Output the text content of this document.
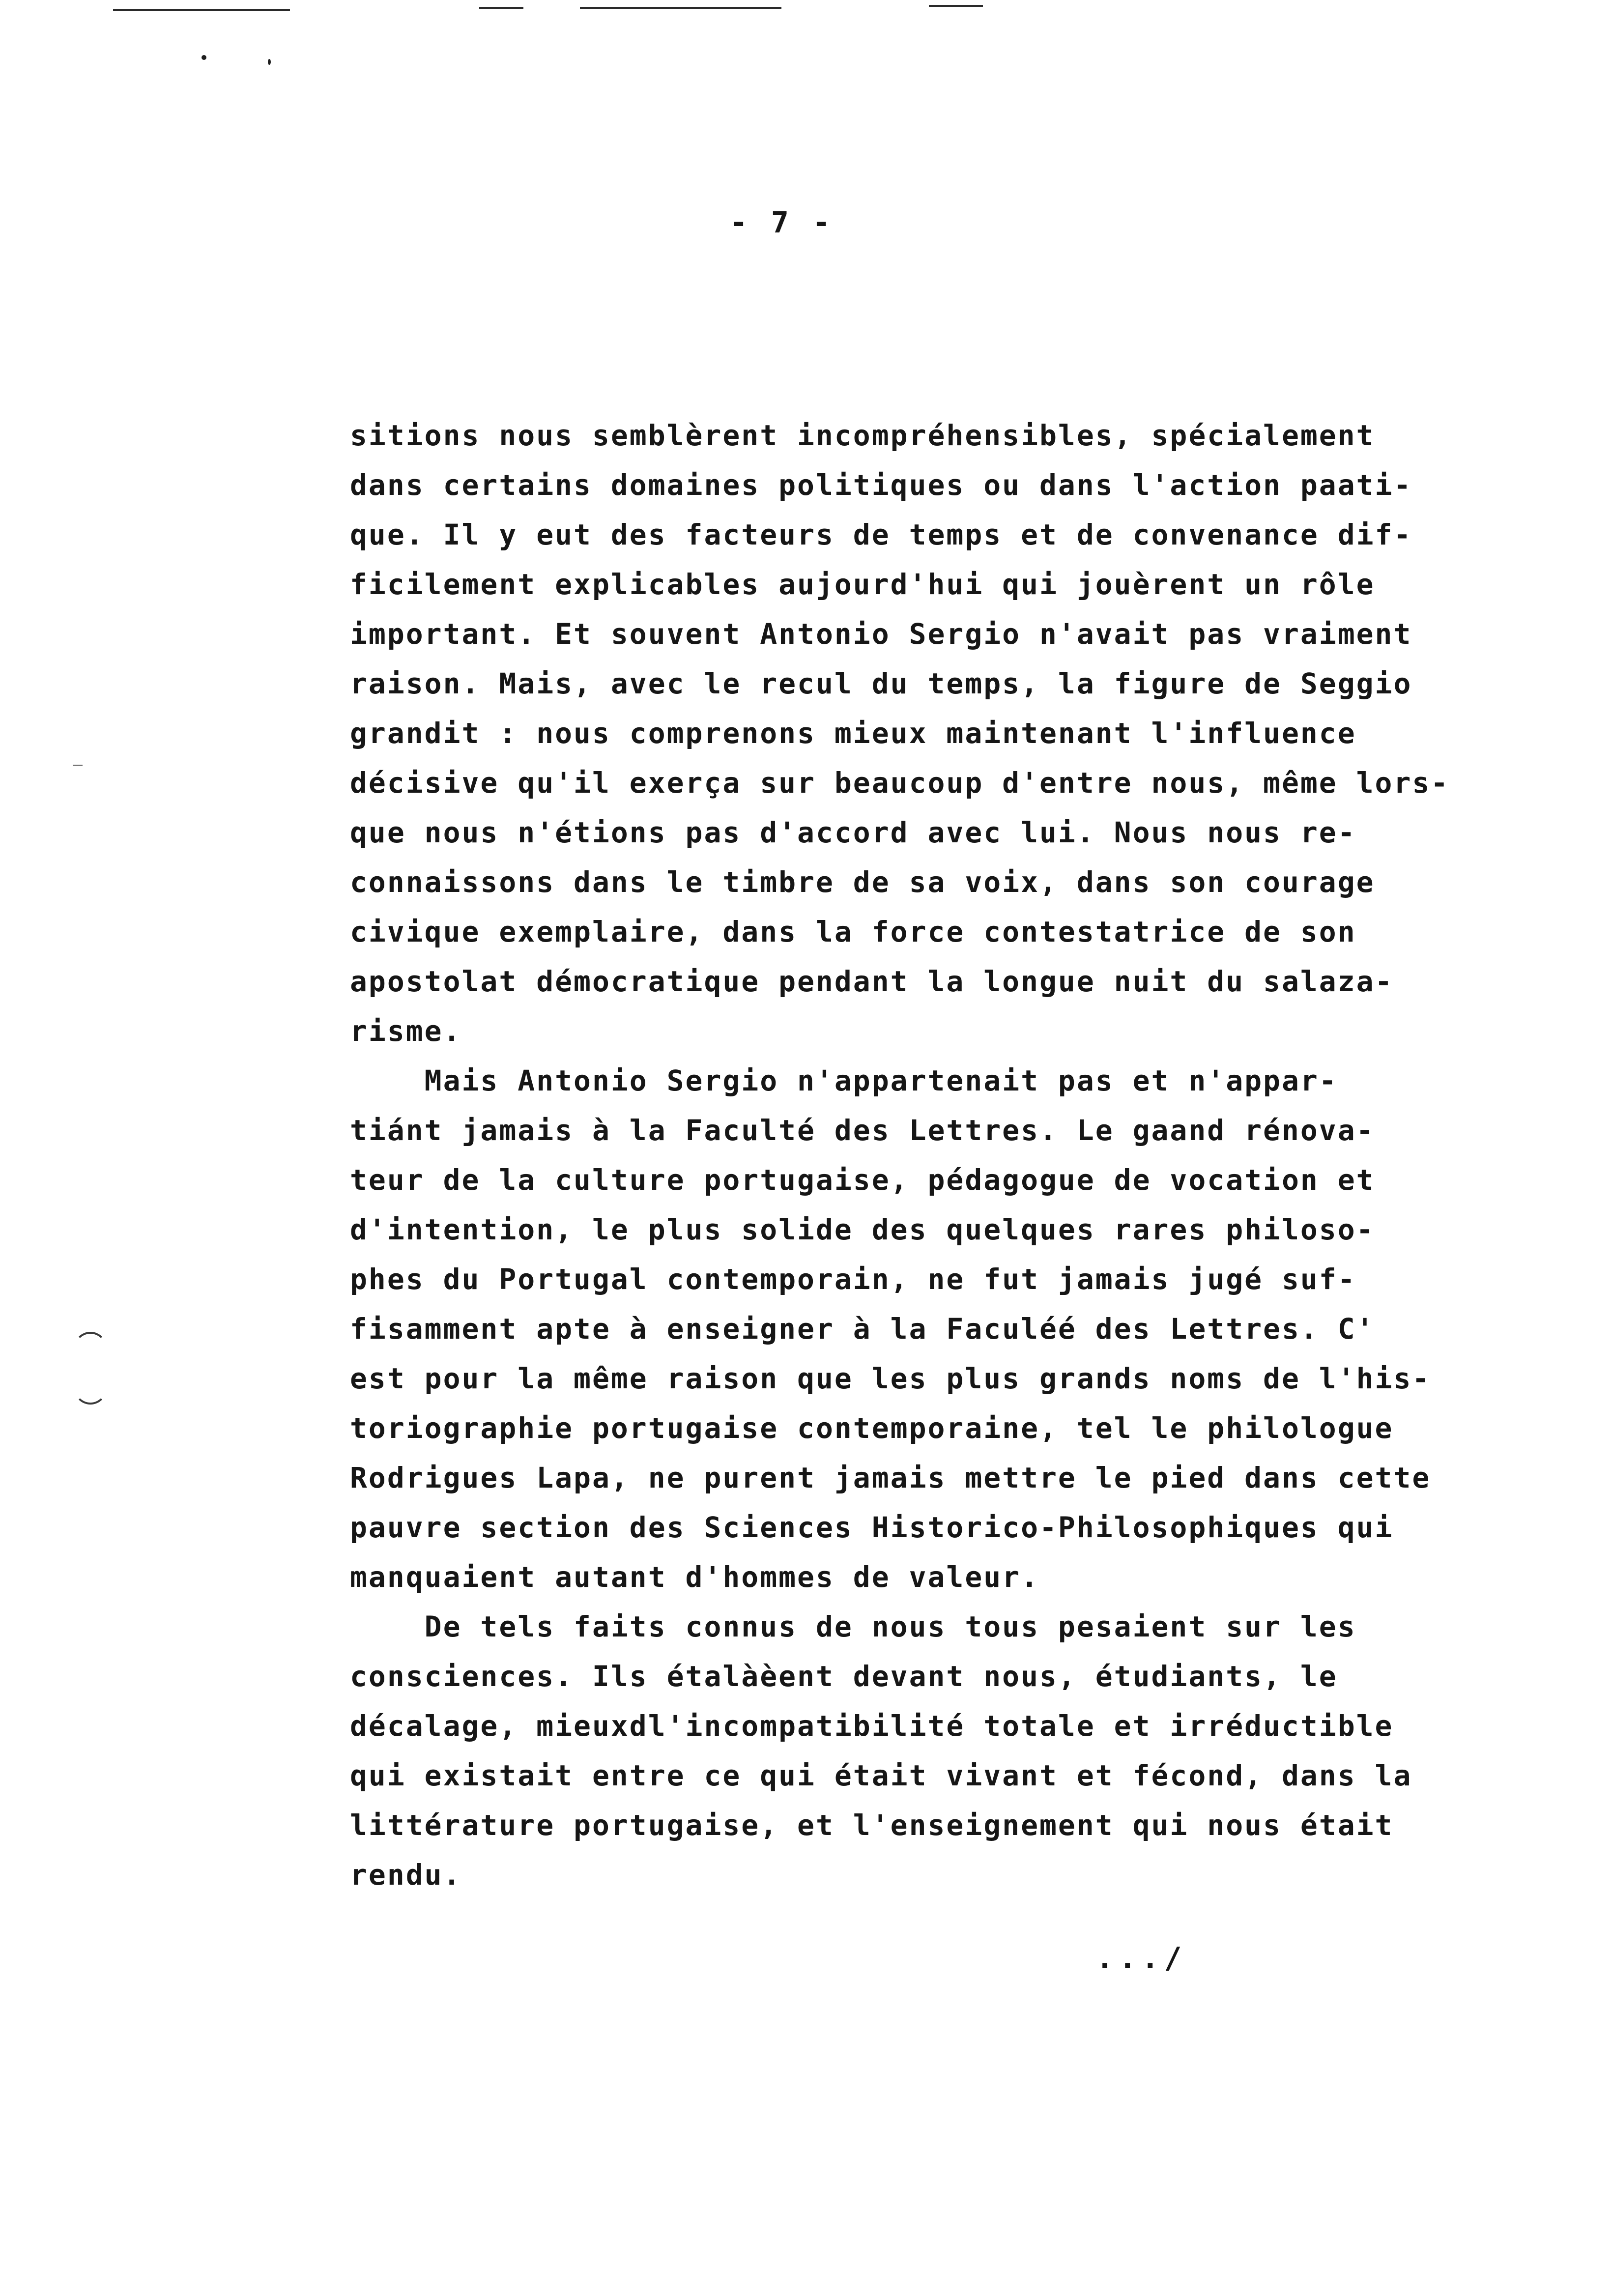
- 7 -
sitions nous semblèrent incompréhensibles, spécialement
dans certains domaines politiques ou dans l'action paati-
que. Il y eut des facteurs de temps et de convenance dif-
ficilement explicables aujourd'hui qui jouèrent un rôle
important. Et souvent Antonio Sergio n'avait pas vraiment
raison. Mais, avec le recul du temps, la figure de Seggio
grandit : nous comprenons mieux maintenant l'influence
décisive qu'il exerça sur beaucoup d'entre nous, même lors-
que nous n'étions pas d'accord avec lui. Nous nous re-
connaissons dans le timbre de sa voix, dans son courage
civique exemplaire, dans la force contestatrice de son
apostolat démocratique pendant la longue nuit du salaza-
risme.
Mais Antonio Sergio n'appartenait pas et n'appar-
tiánt jamais à la Faculté des Lettres. Le gaand rénova-
teur de la culture portugaise, pédagogue de vocation et
d'intention, le plus solide des quelques rares philoso-
phes du Portugal contemporain, ne fut jamais jugé suf-
fisamment apte à enseigner à la Faculéé des Lettres. C'
est pour la même raison que les plus grands noms de l'his-
toriographie portugaise contemporaine, tel le philologue
Rodrigues Lapa, ne purent jamais mettre le pied dans cette
pauvre section des Sciences Historico-Philosophiques qui
manquaient autant d'hommes de valeur.
De tels faits connus de nous tous pesaient sur les
consciences. Ils étalàèent devant nous, étudiants, le
décalage, mieuxdl'incompatibilité totale et irréductible
qui existait entre ce qui était vivant et fécond, dans la
littérature portugaise, et l'enseignement qui nous était
rendu.
.../
